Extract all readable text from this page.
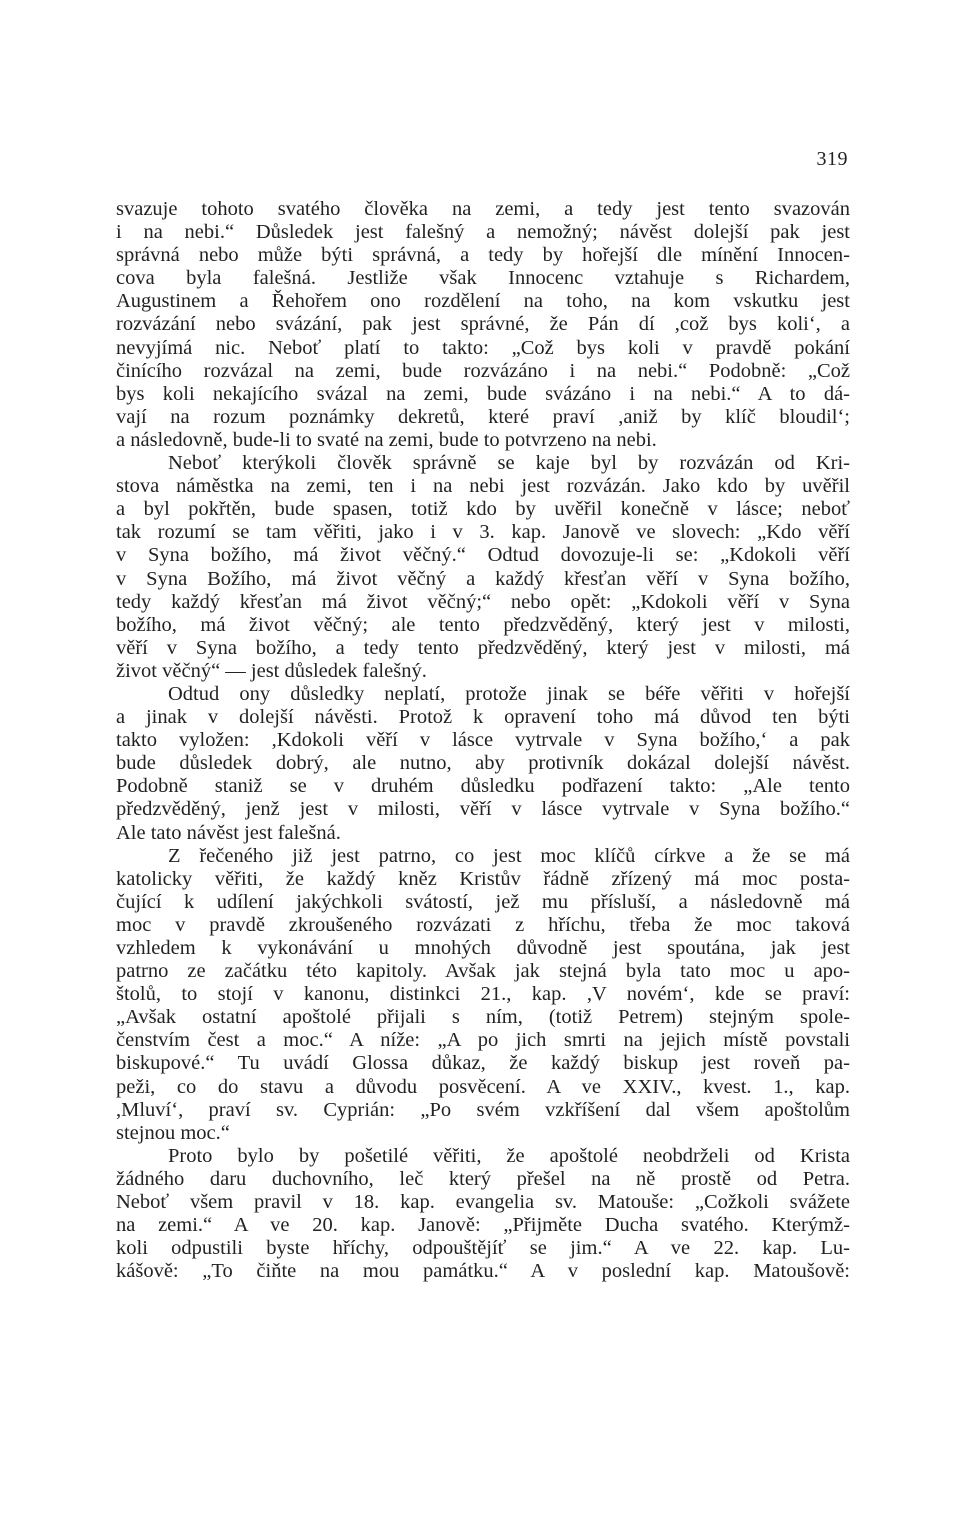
319
svazuje tohoto svatého člověka na zemi, a tedy jest tento svazován
i na nebi.“ Důsledek jest falešný a nemožný; návěst dolejší pak jest
správná nebo může býti správná, a tedy by hořejší dle mínění Innocen-
cova byla falešná. Jestliže však Innocenc vztahuje s Richardem,
Augustinem a Řehořem ono rozdělení na toho, na kom vskutku jest
rozvázání nebo svázání, pak jest správné, že Pán dí ,což bys koli‘, a
nevyjímá nic. Neboť platí to takto: „Což bys koli v pravdě pokání
činícího rozvázal na zemi, bude rozvázáno i na nebi.“ Podobně: „Což
bys koli nekajícího svázal na zemi, bude svázáno i na nebi.“ A to dá-
vají na rozum poznámky dekretů, které praví ,aniž by klíč bloudil‘;
a následovně, bude-li to svaté na zemi, bude to potvrzeno na nebi.
Neboť kterýkoli člověk správně se kaje byl by rozvázán od Kri-
stova náměstka na zemi, ten i na nebi jest rozvázán. Jako kdo by uvěřil
a byl pokřtěn, bude spasen, totiž kdo by uvěřil konečně v lásce; neboť
tak rozumí se tam věřiti, jako i v 3. kap. Janově ve slovech: „Kdo věří
v Syna božího, má život věčný.“ Odtud dovozuje-li se: „Kdokoli věří
v Syna Božího, má život věčný a každý křesťan věří v Syna božího,
tedy každý křesťan má život věčný;“ nebo opět: „Kdokoli věří v Syna
božího, má život věčný; ale tento předzvěděný, který jest v milosti,
věří v Syna božího, a tedy tento předzvěděný, který jest v milosti, má
život věčný“ — jest důsledek falešný.
Odtud ony důsledky neplatí, protože jinak se béře věřiti v hořejší
a jinak v dolejší návěsti. Protož k opravení toho má důvod ten býti
takto vyložen: ,Kdokoli věří v lásce vytrvale v Syna božího,‘ a pak
bude důsledek dobrý, ale nutno, aby protivník dokázal dolejší návěst.
Podobně staniž se v druhém důsledku podřazení takto: „Ale tento
předzvěděný, jenž jest v milosti, věří v lásce vytrvale v Syna božího.“
Ale tato návěst jest falešná.
Z řečeného již jest patrno, co jest moc klíčů církve a že se má
katolicky věřiti, že každý kněz Kristův řádně zřízený má moc posta-
čující k udílení jakýchkoli svátostí, jež mu přísluší, a následovně má
moc v pravdě zkroušeného rozvázati z hříchu, třeba že moc taková
vzhledem k vykonávání u mnohých důvodně jest spoutána, jak jest
patrno ze začátku této kapitoly. Avšak jak stejná byla tato moc u apo-
štolů, to stojí v kanonu, distinkci 21., kap. ,V novém‘, kde se praví:
„Avšak ostatní apoštolé přijali s ním, (totiž Petrem) stejným spole-
čenstvím čest a moc.“ A níže: „A po jich smrti na jejich místě povstali
biskupové.“ Tu uvádí Glossa důkaz, že každý biskup jest roveň pa-
peži, co do stavu a důvodu posvěcení. A ve XXIV., kvest. 1., kap.
,Mluví‘, praví sv. Cyprián: „Po svém vzkříšení dal všem apoštolům
stejnou moc.“
Proto bylo by pošetilé věřiti, že apoštolé neobdrželi od Krista
žádného daru duchovního, leč který přešel na ně prostě od Petra.
Neboť všem pravil v 18. kap. evangelia sv. Matouše: „Cožkoli svážete
na zemi.“ A ve 20. kap. Janově: „Přijměte Ducha svatého. Kterýmž-
koli odpustili byste hříchy, odpouštějíť se jim.“ A ve 22. kap. Lu-
kášově: „To čiňte na mou památku.“ A v poslední kap. Matoušově:
